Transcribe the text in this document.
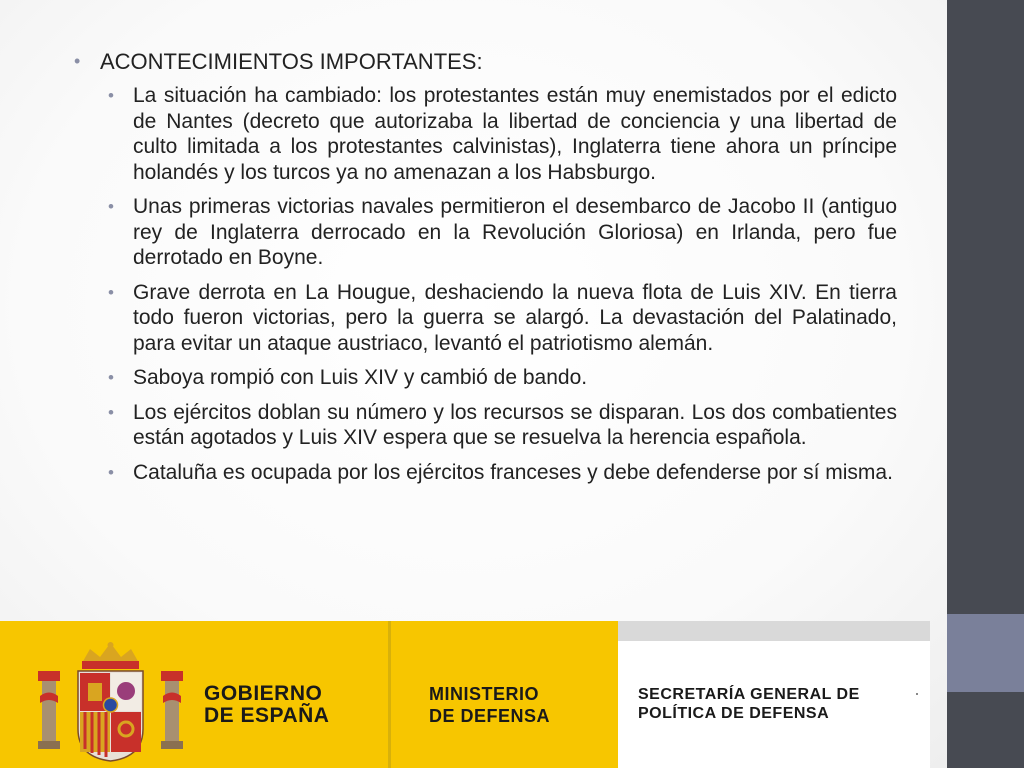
• ACONTECIMIENTOS IMPORTANTES:
• La situación ha cambiado: los protestantes están muy enemistados por el edicto de Nantes (decreto que autorizaba la libertad de conciencia y una libertad de culto limitada a los protestantes calvinistas), Inglaterra tiene ahora un príncipe holandés y los turcos ya no amenazan a los Habsburgo.
• Unas primeras victorias navales permitieron el desembarco de Jacobo II (antiguo rey de Inglaterra derrocado en la Revolución Gloriosa) en Irlanda, pero fue derrotado en Boyne.
• Grave derrota en La Hougue, deshaciendo la nueva flota de Luis XIV. En tierra todo fueron victorias, pero la guerra se alargó. La devastación del Palatinado, para evitar un ataque austriaco, levantó el patriotismo alemán.
• Saboya rompió con Luis XIV y cambió de bando.
• Los ejércitos doblan su número y los recursos se disparan. Los dos combatientes están agotados y Luis XIV espera que se resuelva la herencia española.
• Cataluña es ocupada por los ejércitos franceses y debe defenderse por sí misma.
GOBIERNO
DE ESPAÑA
MINISTERIO
DE DEFENSA
SECRETARÍA GENERAL DE
POLÍTICA DE DEFENSA
